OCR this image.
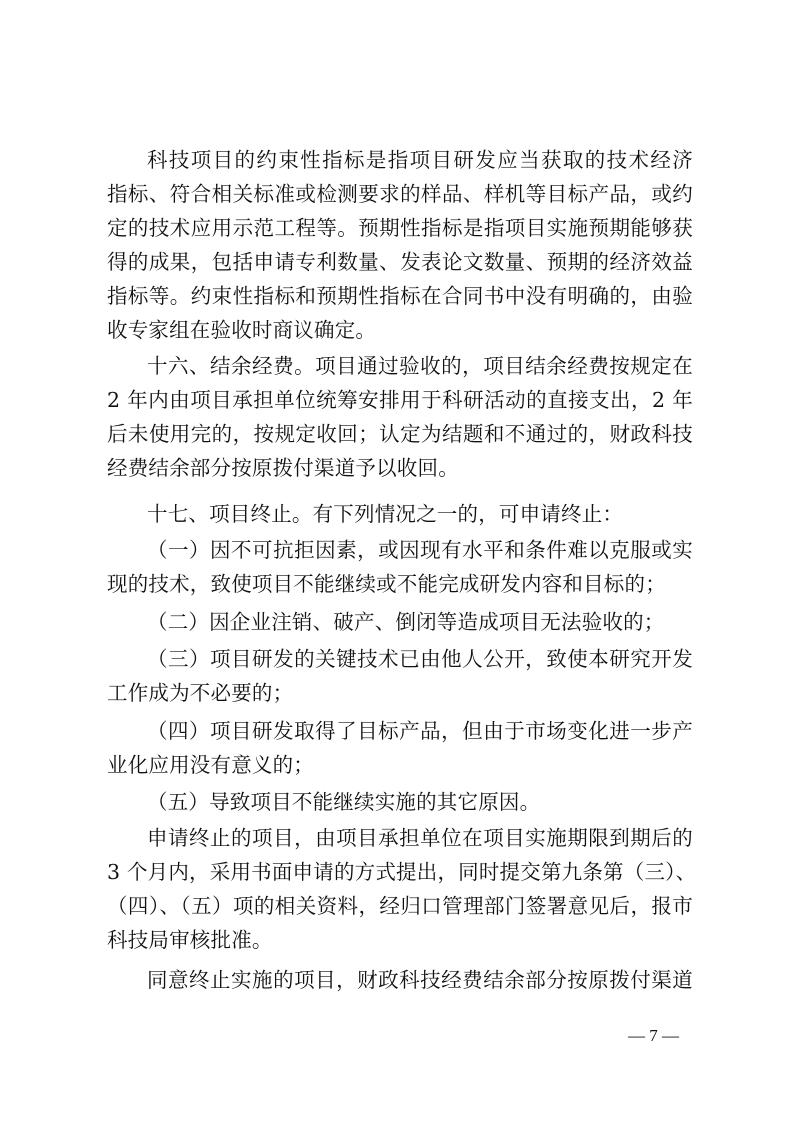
科技项目的约束性指标是指项目研发应当获取的技术经济
指标、符合相关标准或检测要求的样品、样机等目标产品，或约
定的技术应用示范工程等。预期性指标是指项目实施预期能够获
得的成果，包括申请专利数量、发表论文数量、预期的经济效益
指标等。约束性指标和预期性指标在合同书中没有明确的，由验
收专家组在验收时商议确定。
十六、结余经费。项目通过验收的，项目结余经费按规定在
2 年内由项目承担单位统筹安排用于科研活动的直接支出，2 年
后未使用完的，按规定收回；认定为结题和不通过的，财政科技
经费结余部分按原拨付渠道予以收回。
十七、项目终止。有下列情况之一的，可申请终止：
（一）因不可抗拒因素，或因现有水平和条件难以克服或实
现的技术，致使项目不能继续或不能完成研发内容和目标的；
（二）因企业注销、破产、倒闭等造成项目无法验收的；
（三）项目研发的关键技术已由他人公开，致使本研究开发
工作成为不必要的；
（四）项目研发取得了目标产品，但由于市场变化进一步产
业化应用没有意义的；
（五）导致项目不能继续实施的其它原因。
申请终止的项目，由项目承担单位在项目实施期限到期后的
3 个月内，采用书面申请的方式提出，同时提交第九条第（三）、
（四）、（五）项的相关资料，经归口管理部门签署意见后，报市
科技局审核批准。
同意终止实施的项目，财政科技经费结余部分按原拨付渠道
— 7 —
